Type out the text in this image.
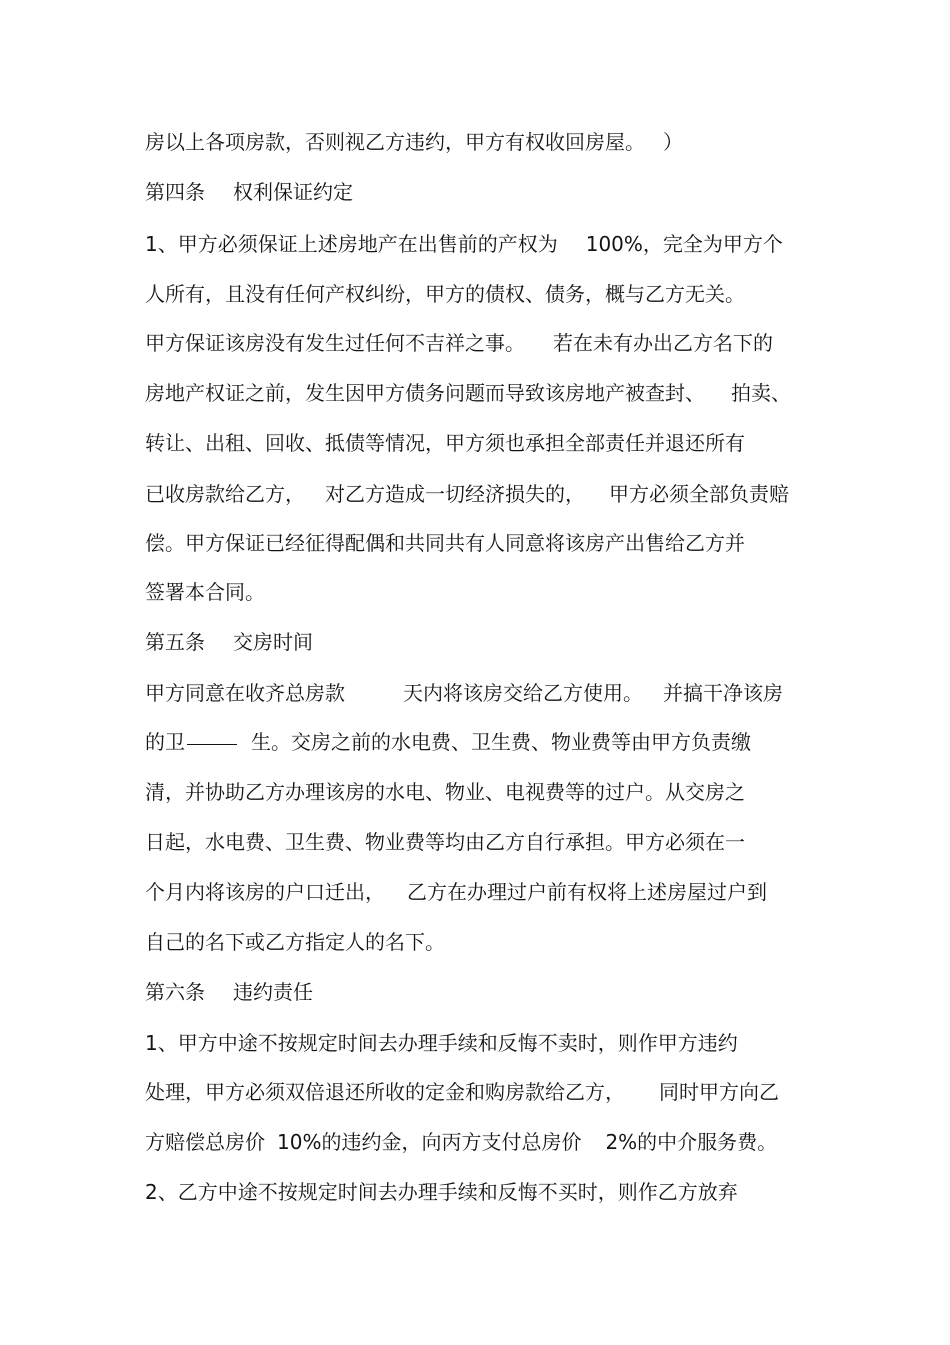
房以上各项房款，否则视乙方违约，甲方有权收回房屋。 ）
第四条 权利保证约定
1、甲方必须保证上述房地产在出售前的产权为 100%，完全为甲方个
人所有，且没有任何产权纠纷，甲方的债权、债务，概与乙方无关。
甲方保证该房没有发生过任何不吉祥之事。 若在未有办出乙方名下的
房地产权证之前，发生因甲方债务问题而导致该房地产被查封、 拍卖、
转让、出租、回收、抵债等情况，甲方须也承担全部责任并退还所有
已收房款给乙方， 对乙方造成一切经济损失的， 甲方必须全部负责赔
偿。甲方保证已经征得配偶和共同共有人同意将该房产出售给乙方并
签署本合同。
第五条 交房时间
甲方同意在收齐总房款	天内将该房交给乙方使用。 并搞干净该房
的卫	生。交房之前的水电费、卫生费、物业费等由甲方负责缴
清，并协助乙方办理该房的水电、物业、电视费等的过户。从交房之
日起，水电费、卫生费、物业费等均由乙方自行承担。甲方必须在一
个月内将该房的户口迁出， 乙方在办理过户前有权将上述房屋过户到
自己的名下或乙方指定人的名下。
第六条 违约责任
1、甲方中途不按规定时间去办理手续和反悔不卖时，则作甲方违约
处理，甲方必须双倍退还所收的定金和购房款给乙方， 同时甲方向乙
方赔偿总房价 10%的违约金，向丙方支付总房价 2%的中介服务费。
2、乙方中途不按规定时间去办理手续和反悔不买时，则作乙方放弃
